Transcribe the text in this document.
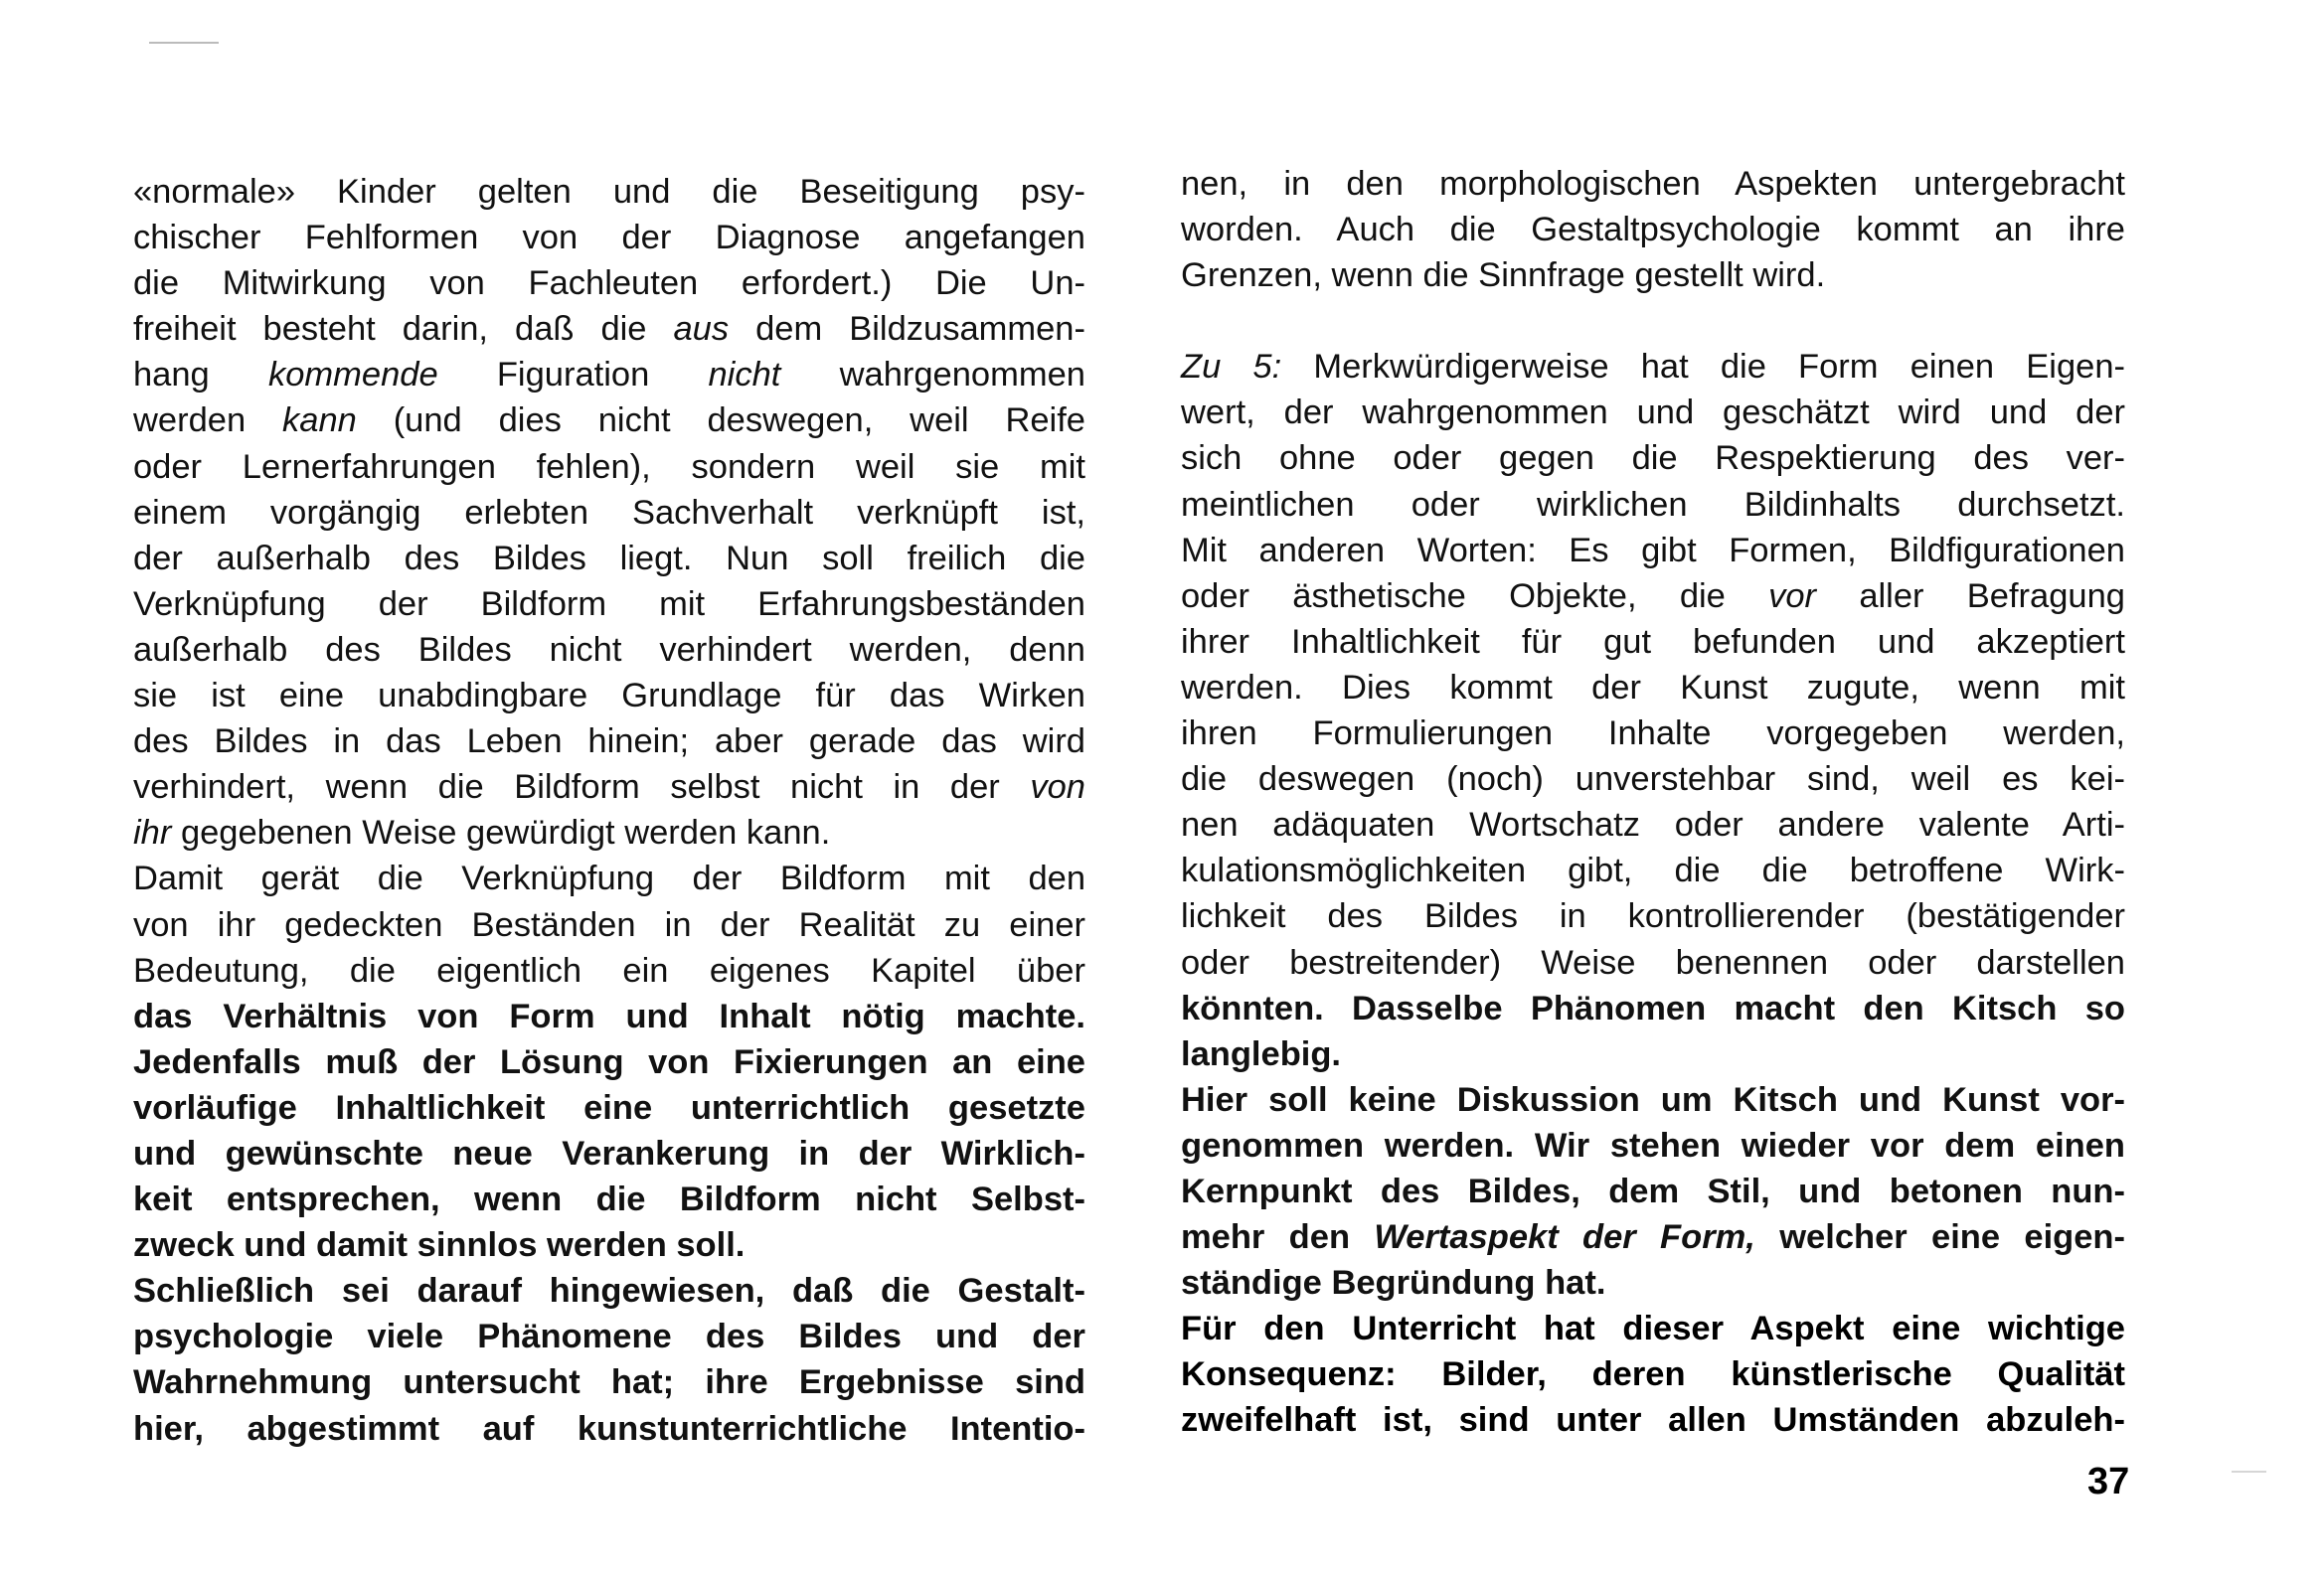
«normale» Kinder gelten und die Beseitigung psy-
chischer Fehlformen von der Diagnose angefangen
die Mitwirkung von Fachleuten erfordert.) Die Un-
freiheit besteht darin, daß die aus dem Bildzusammen-
hang kommende Figuration nicht wahrgenommen
werden kann (und dies nicht deswegen, weil Reife
oder Lernerfahrungen fehlen), sondern weil sie mit
einem vorgängig erlebten Sachverhalt verknüpft ist,
der außerhalb des Bildes liegt. Nun soll freilich die
Verknüpfung der Bildform mit Erfahrungsbeständen
außerhalb des Bildes nicht verhindert werden, denn
sie ist eine unabdingbare Grundlage für das Wirken
des Bildes in das Leben hinein; aber gerade das wird
verhindert, wenn die Bildform selbst nicht in der von
ihr gegebenen Weise gewürdigt werden kann.
Damit gerät die Verknüpfung der Bildform mit den
von ihr gedeckten Beständen in der Realität zu einer
Bedeutung, die eigentlich ein eigenes Kapitel über
das Verhältnis von Form und Inhalt nötig machte.
Jedenfalls muß der Lösung von Fixierungen an eine
vorläufige Inhaltlichkeit eine unterrichtlich gesetzte
und gewünschte neue Verankerung in der Wirklich-
keit entsprechen, wenn die Bildform nicht Selbst-
zweck und damit sinnlos werden soll.
Schließlich sei darauf hingewiesen, daß die Gestalt-
psychologie viele Phänomene des Bildes und der
Wahrnehmung untersucht hat; ihre Ergebnisse sind
hier, abgestimmt auf kunstunterrichtliche Intentio-
nen, in den morphologischen Aspekten untergebracht
worden. Auch die Gestaltpsychologie kommt an ihre
Grenzen, wenn die Sinnfrage gestellt wird.
Zu 5: Merkwürdigerweise hat die Form einen Eigen-
wert, der wahrgenommen und geschätzt wird und der
sich ohne oder gegen die Respektierung des ver-
meintlichen oder wirklichen Bildinhalts durchsetzt.
Mit anderen Worten: Es gibt Formen, Bildfigurationen
oder ästhetische Objekte, die vor aller Befragung
ihrer Inhaltlichkeit für gut befunden und akzeptiert
werden. Dies kommt der Kunst zugute, wenn mit
ihren Formulierungen Inhalte vorgegeben werden,
die deswegen (noch) unverstehbar sind, weil es kei-
nen adäquaten Wortschatz oder andere valente Arti-
kulationsmöglichkeiten gibt, die die betroffene Wirk-
lichkeit des Bildes in kontrollierender (bestätigender
oder bestreitender) Weise benennen oder darstellen
könnten. Dasselbe Phänomen macht den Kitsch so
langlebig.
Hier soll keine Diskussion um Kitsch und Kunst vor-
genommen werden. Wir stehen wieder vor dem einen
Kernpunkt des Bildes, dem Stil, und betonen nun-
mehr den Wertaspekt der Form, welcher eine eigen-
ständige Begründung hat.
Für den Unterricht hat dieser Aspekt eine wichtige
Konsequenz: Bilder, deren künstlerische Qualität
zweifelhaft ist, sind unter allen Umständen abzuleh-
37
